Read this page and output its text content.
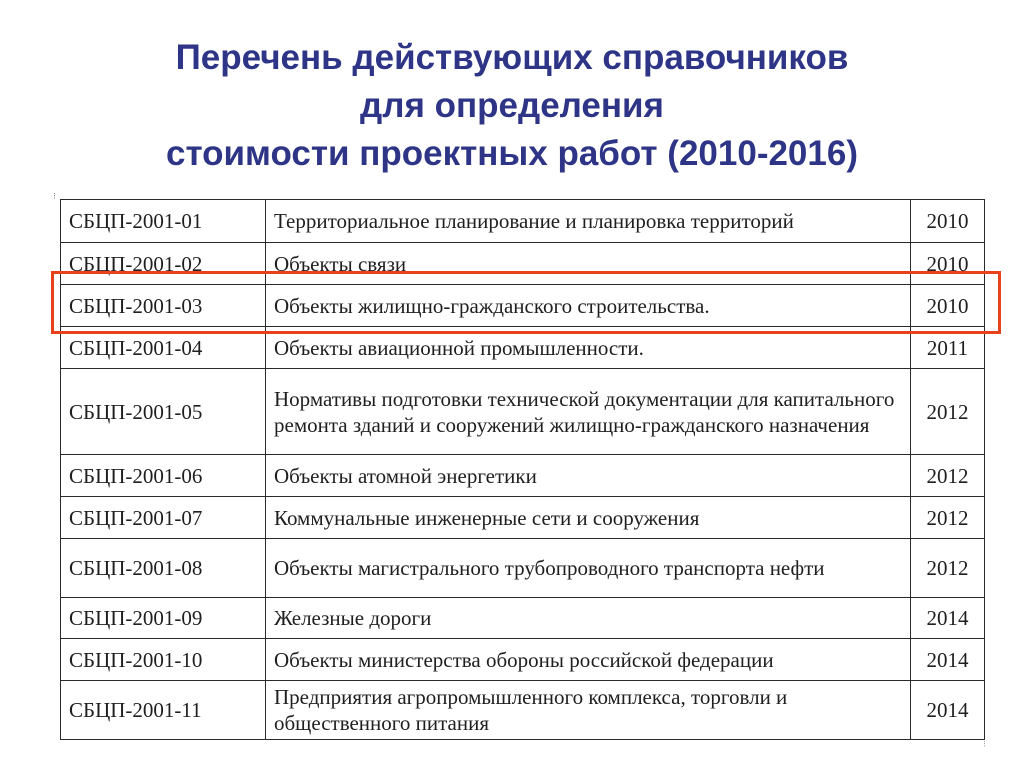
Перечень действующих справочников
для определения
стоимости проектных работ (2010-2016)
⁝
⁝
СБЦП-2001-01	Территориальное планирование и планировка территорий	2010
СБЦП-2001-02	Объекты связи	2010
СБЦП-2001-03	Объекты жилищно-гражданского строительства.	2010
СБЦП-2001-04	Объекты авиационной промышленности.	2011
СБЦП-2001-05	Нормативы подготовки технической документации для капитального ремонта зданий и сооружений жилищно-гражданского назначения	2012
СБЦП-2001-06	Объекты атомной энергетики	2012
СБЦП-2001-07	Коммунальные инженерные сети и сооружения	2012
СБЦП-2001-08	Объекты магистрального трубопроводного транспорта нефти	2012
СБЦП-2001-09	Железные дороги	2014
СБЦП-2001-10	Объекты министерства обороны российской федерации	2014
СБЦП-2001-11	Предприятия агропромышленного комплекса, торговли и общественного питания	2014
